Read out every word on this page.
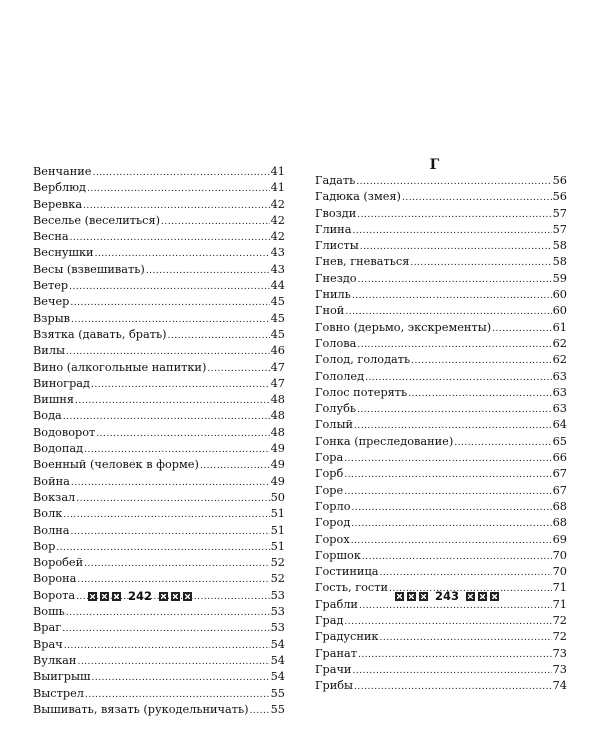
Венчание .....	41
Верблюд .....	41
Веревка .....	42
Веселье (веселиться) .....	42
Весна .....	42
Веснушки .....	43
Весы (взвешивать) .....	43
Ветер .....	44
Вечер .....	45
Взрыв .....	45
Взятка (давать, брать) .....	45
Вилы .....	46
Вино (алкогольные напитки) .....	47
Виноград .....	47
Вишня .....	48
Вода .....	48
Водоворот .....	48
Водопад .....	49
Военный (человек в форме) .....	49
Война .....	49
Вокзал .....	50
Волк .....	51
Волна .....	51
Вор .....	51
Воробей .....	52
Ворона .....	52
Ворота .....	53
Вошь .....	53
Враг .....	53
Врач .....	54
Вулкан .....	54
Выигрыш .....	54
Выстрел .....	55
Вышивать, вязать (рукодельничать) ..... 55
242
Г
Гадать .....	56
Гадюка (змея) .....	56
Гвозди .....	57
Глина .....	57
Глисты .....	58
Гнев, гневаться .....	58
Гнездо .....	59
Гниль .....	60
Гной .....	60
Говно (дерьмо, экскременты) .....	61
Голова .....	62
Голод, голодать .....	62
Гололед .....	63
Голос потерять .....	63
Голубь .....	63
Голый .....	64
Гонка (преследование) .....	65
Гора .....	66
Горб .....	67
Горе .....	67
Горло .....	68
Город .....	68
Горох .....	69
Горшок .....	70
Гостиница .....	70
Гость, гости .....	71
Грабли .....	71
Град .....	72
Градусник .....	72
Гранат .....	73
Грачи .....	73
Грибы .....	74
243
